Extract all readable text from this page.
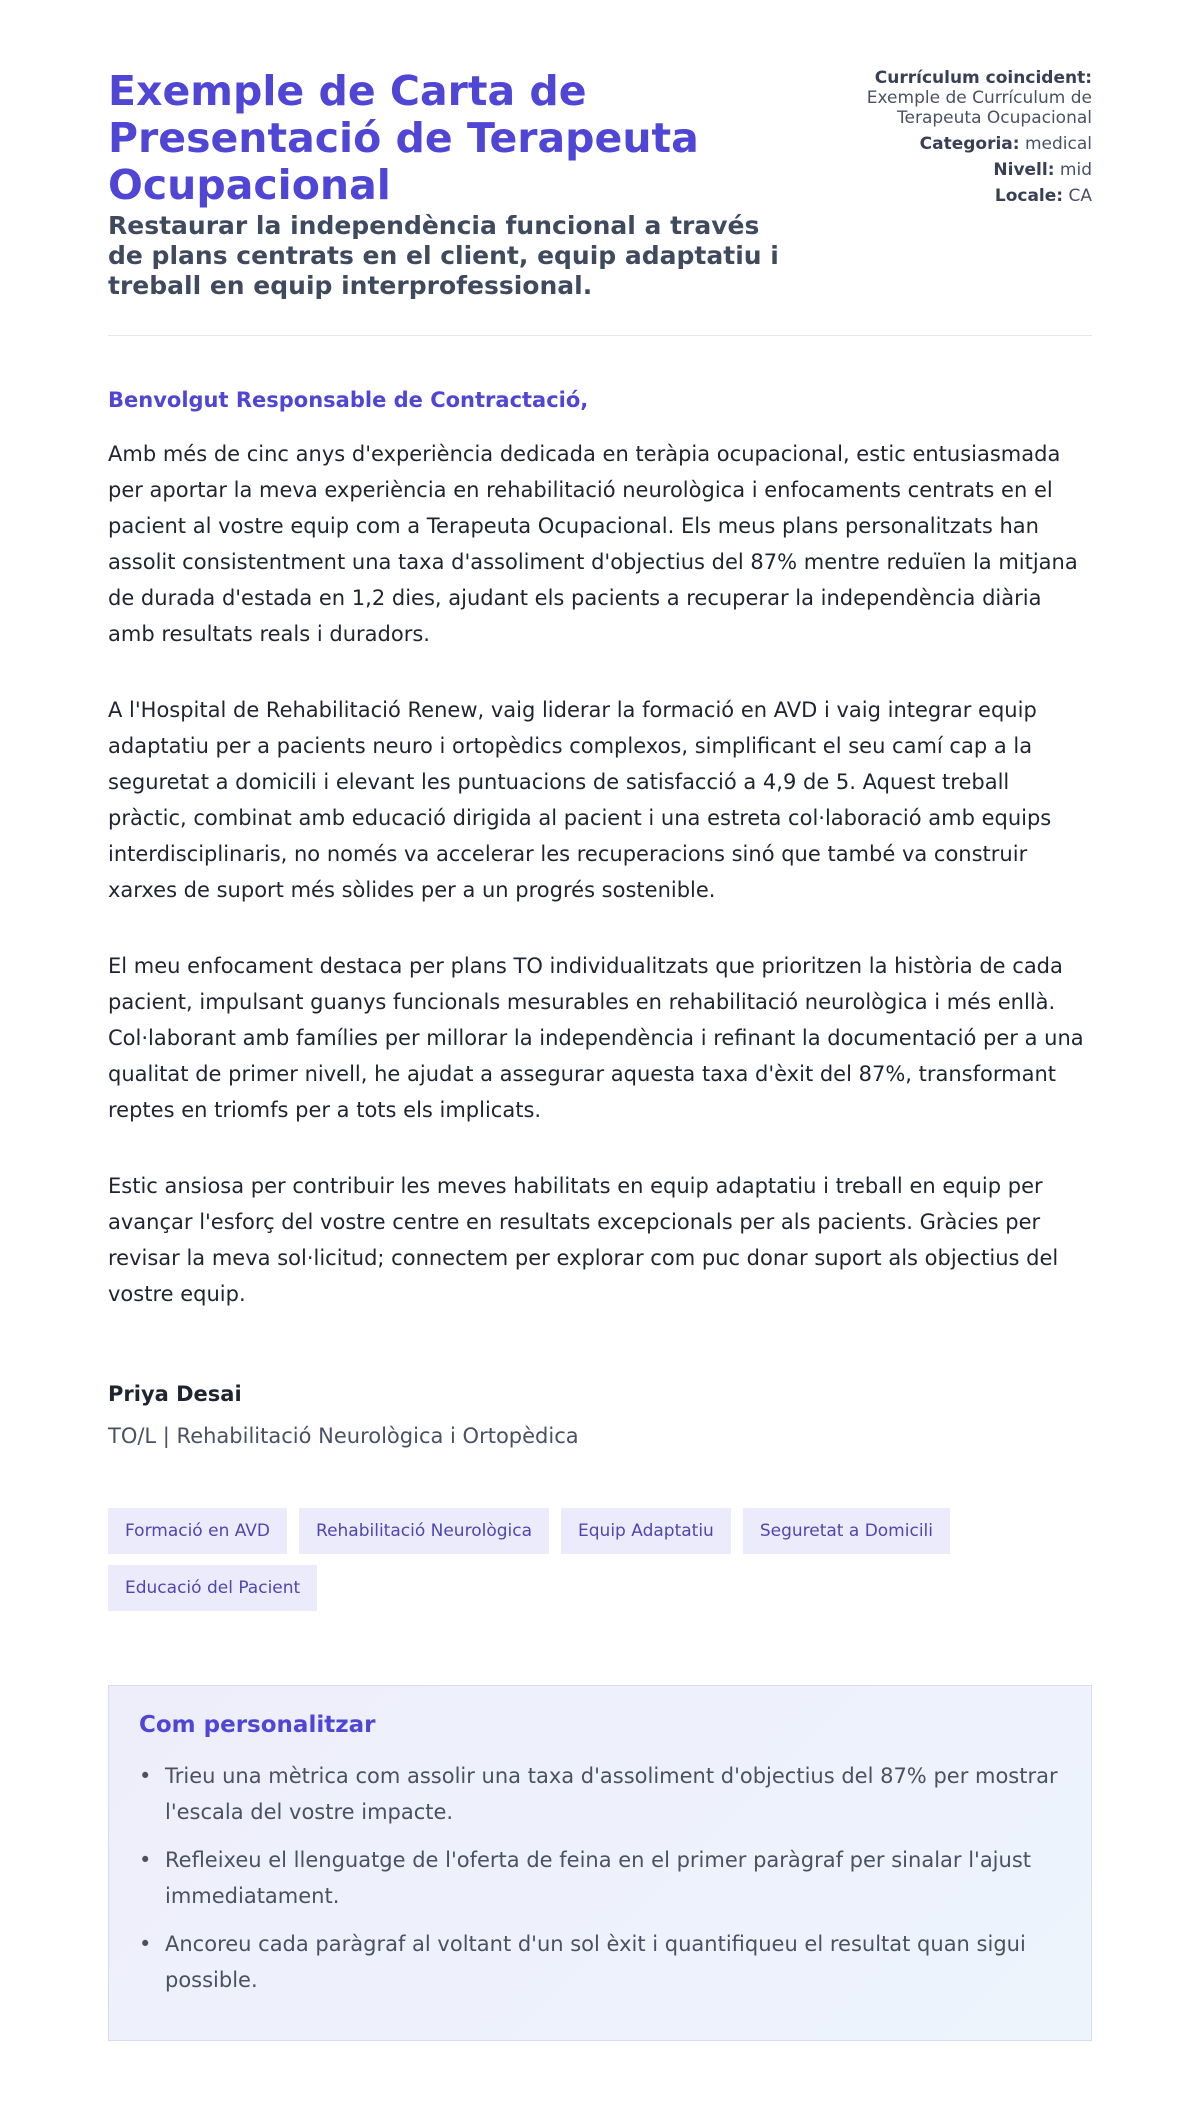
Exemple de Carta de Presentació de Terapeuta Ocupacional
Restaurar la independència funcional a través de plans centrats en el client, equip adaptatiu i treball en equip interprofessional.
Currículum coincident:
Exemple de Currículum de Terapeuta Ocupacional
Categoria: medical
Nivell: mid
Locale: CA

Benvolgut Responsable de Contractació,

Amb més de cinc anys d'experiència dedicada en teràpia ocupacional, estic entusiasmada per aportar la meva experiència en rehabilitació neurològica i enfocaments centrats en el pacient al vostre equip com a Terapeuta Ocupacional. Els meus plans personalitzats han assolit consistentment una taxa d'assoliment d'objectius del 87% mentre reduïen la mitjana de durada d'estada en 1,2 dies, ajudant els pacients a recuperar la independència diària amb resultats reals i duradors.

A l'Hospital de Rehabilitació Renew, vaig liderar la formació en AVD i vaig integrar equip adaptatiu per a pacients neuro i ortopèdics complexos, simplificant el seu camí cap a la seguretat a domicili i elevant les puntuacions de satisfacció a 4,9 de 5. Aquest treball pràctic, combinat amb educació dirigida al pacient i una estreta col·laboració amb equips interdisciplinaris, no només va accelerar les recuperacions sinó que també va construir xarxes de suport més sòlides per a un progrés sostenible.

El meu enfocament destaca per plans TO individualitzats que prioritzen la història de cada pacient, impulsant guanys funcionals mesurables en rehabilitació neurològica i més enllà. Col·laborant amb famílies per millorar la independència i refinant la documentació per a una qualitat de primer nivell, he ajudat a assegurar aquesta taxa d'èxit del 87%, transformant reptes en triomfs per a tots els implicats.

Estic ansiosa per contribuir les meves habilitats en equip adaptatiu i treball en equip per avançar l'esforç del vostre centre en resultats excepcionals per als pacients. Gràcies per revisar la meva sol·licitud; connectem per explorar com puc donar suport als objectius del vostre equip.

Priya Desai

TO/L | Rehabilitació Neurològica i Ortopèdica

Formació en AVD	Rehabilitació Neurològica	Equip Adaptatiu	Seguretat a Domicili
Educació del Pacient
Com personalitzar
• Trieu una mètrica com assolir una taxa d'assoliment d'objectius del 87% per mostrar l'escala del vostre impacte.
• Refleixeu el llenguatge de l'oferta de feina en el primer paràgraf per sinalar l'ajust immediatament.
• Ancoreu cada paràgraf al voltant d'un sol èxit i quantifiqueu el resultat quan sigui possible.
